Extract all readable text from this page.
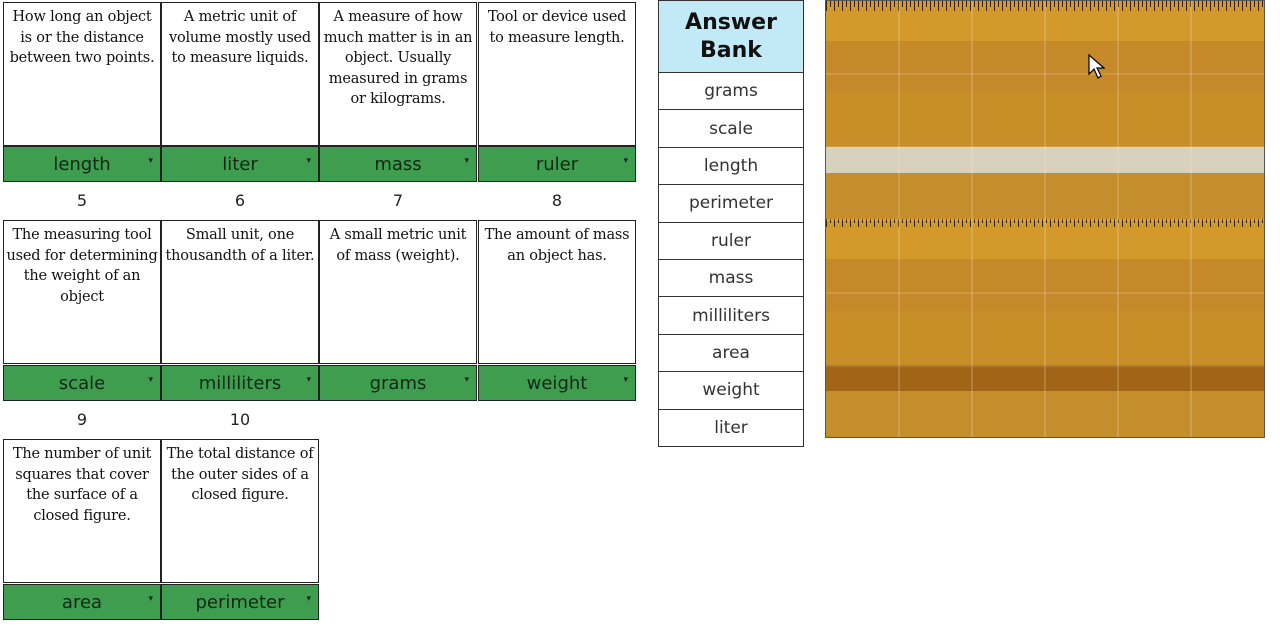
How long an object is or the distance between two points.
A metric unit of volume mostly used to measure liquids.
A measure of how much matter is in an object. Usually measured in grams or kilograms.
Tool or device used to measure length.
length	▾	liter	▾	mass	▾	ruler	▾
5	6	7	8
The measuring tool used for determining the weight of an object
Small unit, one thousandth of a liter.
A small metric unit of mass (weight).
The amount of mass an object has.
scale	▾	milliliters	▾	grams	▾	weight	▾
9	10
The number of unit squares that cover the surface of a closed figure.
The total distance of the outer sides of a closed figure.
area	▾ perimeter ▾
Answer Bank
grams
scale
length
perimeter
ruler
mass
milliliters
area
weight
liter
